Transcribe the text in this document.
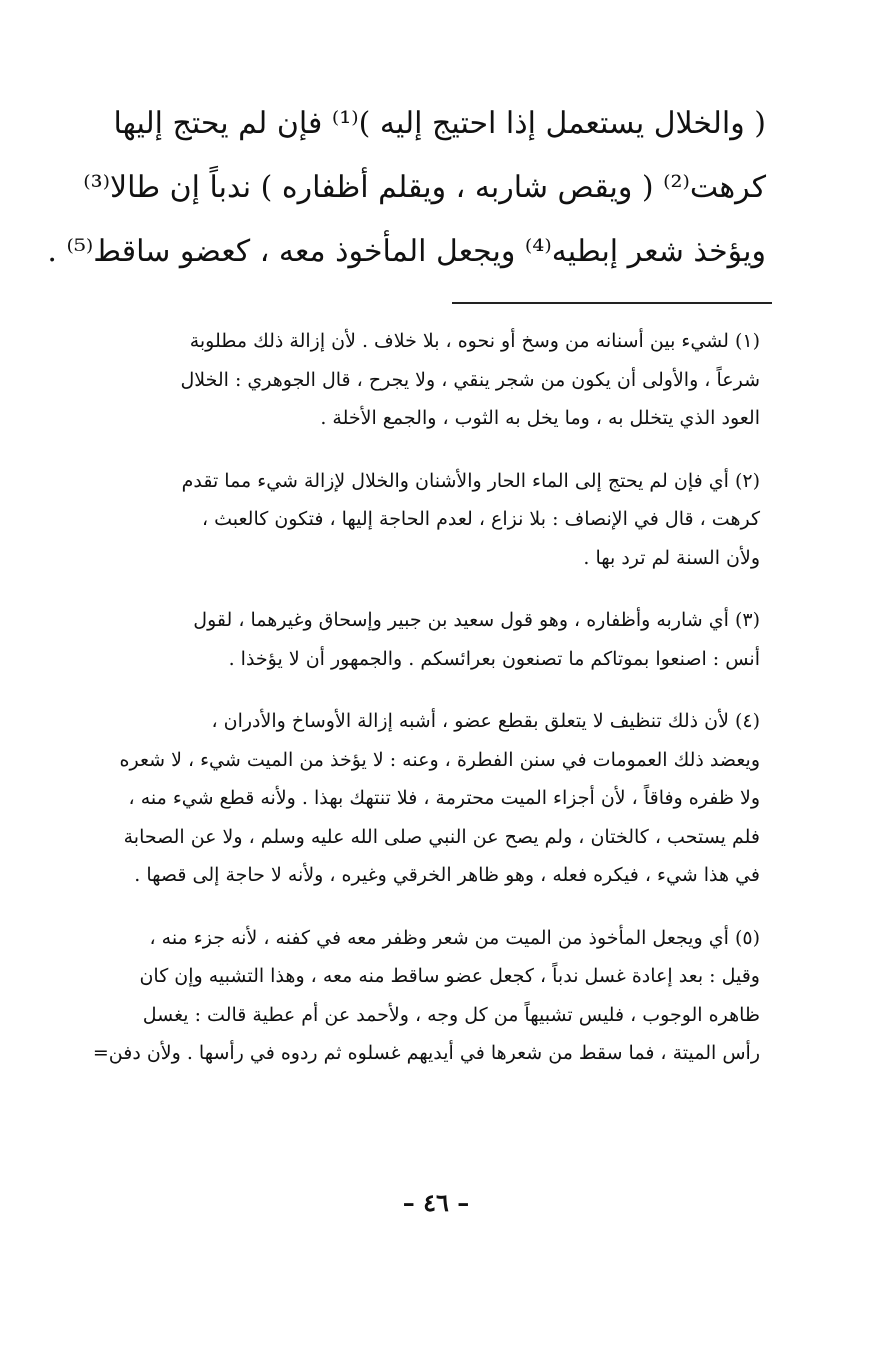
( والخلال يستعمل إذا احتيج إليه )⁽¹⁾ فإن لم يحتج إليها
كرهت⁽²⁾ ( ويقص شاربه ، ويقلم أظفاره ) ندباً إن طالا⁽³⁾
ويؤخذ شعر إبطيه⁽⁴⁾ ويجعل المأخوذ معه ، كعضو ساقط⁽⁵⁾ .
(١) لشيء بين أسنانه من وسخ أو نحوه ، بلا خلاف . لأن إزالة ذلك مطلوبة
شرعاً ، والأولى أن يكون من شجر ينقي ، ولا يجرح ، قال الجوهري : الخلال
العود الذي يتخلل به ، وما يخل به الثوب ، والجمع الأخلة .
(٢) أي فإن لم يحتج إلى الماء الحار والأشنان والخلال لإزالة شيء مما تقدم
كرهت ، قال في الإنصاف : بلا نزاع ، لعدم الحاجة إليها ، فتكون كالعبث ،
ولأن السنة لم ترد بها .
(٣) أي شاربه وأظفاره ، وهو قول سعيد بن جبير وإسحاق وغيرهما ، لقول
أنس : اصنعوا بموتاكم ما تصنعون بعرائسكم . والجمهور أن لا يؤخذا .
(٤) لأن ذلك تنظيف لا يتعلق بقطع عضو ، أشبه إزالة الأوساخ والأدران ،
ويعضد ذلك العمومات في سنن الفطرة ، وعنه : لا يؤخذ من الميت شيء ، لا شعره
ولا ظفره وفاقاً ، لأن أجزاء الميت محترمة ، فلا تنتهك بهذا . ولأنه قطع شيء منه ،
فلم يستحب ، كالختان ، ولم يصح عن النبي صلى الله عليه وسلم ، ولا عن الصحابة
في هذا شيء ، فيكره فعله ، وهو ظاهر الخرقي وغيره ، ولأنه لا حاجة إلى قصها .
(٥) أي ويجعل المأخوذ من الميت من شعر وظفر معه في كفنه ، لأنه جزء منه ،
وقيل : بعد إعادة غسل ندباً ، كجعل عضو ساقط منه معه ، وهذا التشبيه وإن كان
ظاهره الوجوب ، فليس تشبيهاً من كل وجه ، ولأحمد عن أم عطية قالت : يغسل
رأس الميتة ، فما سقط من شعرها في أيديهم غسلوه ثم ردوه في رأسها . ولأن دفن=
– ٤٦ –
